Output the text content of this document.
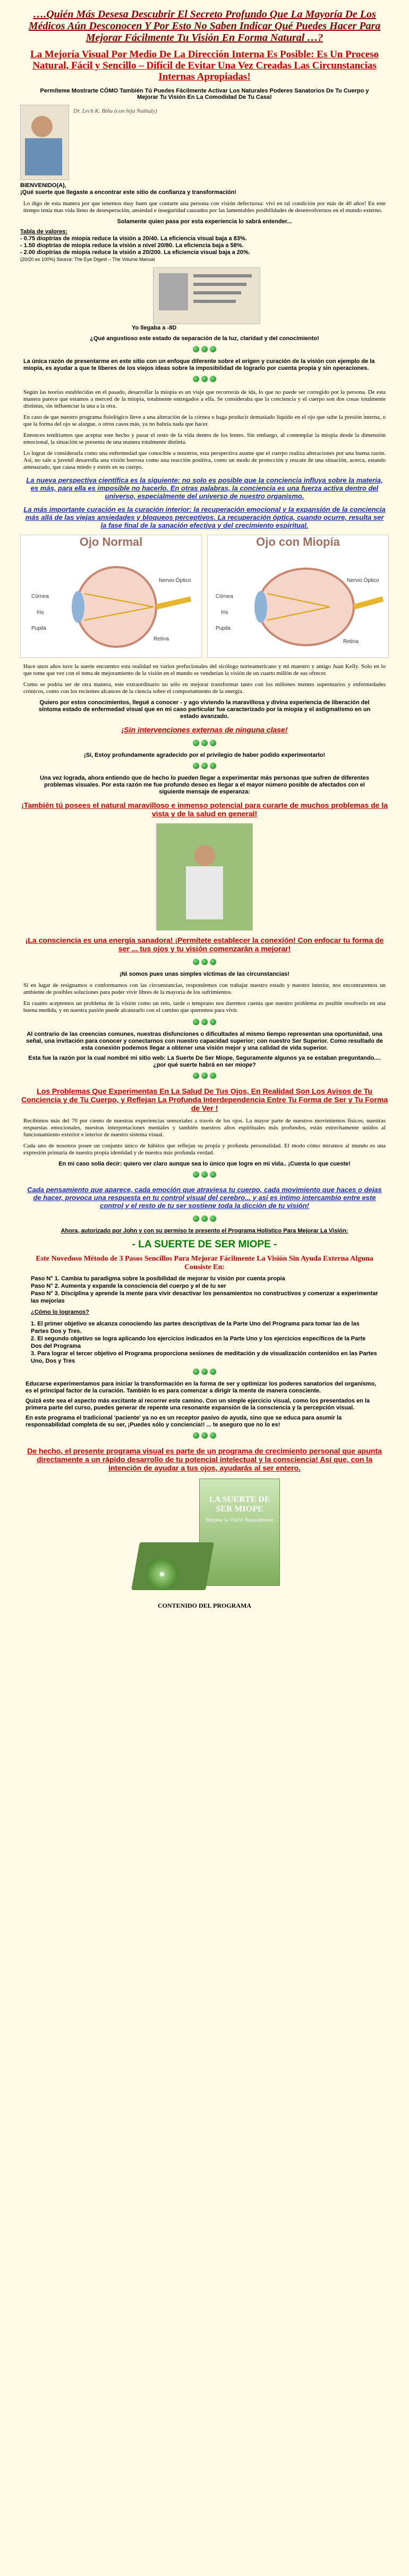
….Quién Más Desesa Descubrir El Secreto Profundo Que La Mayoría De Los Médicos Aún Desconocen Y Por Esto No Saben Indicar Qué Puedes Hacer Para Mejorar Fácilmente Tu Visión En Forma Natural …?
La Mejoría Visual Por Medio De La Dirección Interna Es Posible: Es Un Proceso Natural, Fácil y Sencillo – Difícil de Evitar Una Vez Creadas Las Circunstancias Internas Apropiadas!
Permíteme Mostrarte CÓMO También Tú Puedes Fácilmente Activar Los Naturales Poderes Sanatorios De Tu Cuerpo y Mejorar Tu Visión En La Comodidad De Tu Casa!
Dr. Lech K. Biña (con hija Nathaly)
BIENVENIDO(A),
¡Qué suerte que llegaste a encontrar este sitio de confianza y transformación!
Lo digo de esta manera por que tenemos muy buen que contarte una persona con visión defectuosa: vivi en tal condición por más de 40 años! En este tiempo tenía mas vida lleno de desesperación, ansiedad e inseguridad causados por las lamentables posibilidades de desenvolvernos en el mundo externo.
Solamente quien pasa por esta experiencia lo sabrá entender...
Tabla de valores:
- 0.75 dioptrías de miopía reduce la visión a 20/40. La eficiencia visual baja a 83%.
- 1.50 dioptrías de miopía reduce la visión a nivel 20/80. La eficiencia baja a 58%.
- 2.00 dioptrías de miopía reduce la visión a 20/200. La eficiencia visual baja a 20%.
(20/20 es 100%) Source: The Eye Digest – The Volume Manual
Yo llegaba a -8D
¿Qué angustioso este estado de separación de la luz, claridad y del conocimiento!
La única razón de presentarme en este sitio con un enfoque diferente sobre el origen y curación de la visión con ejemplo de la miopía, es ayudar a que te liberes de los viejos ideas sobre la imposibilidad de lograrlo por cuenta propia y sin operaciones.
Según las teorías establecidas en el pasado, desarrollar la miopía es un viaje que recorrerás de ida, lo que no puede ser corregido por la persona. De esta manera parece que estamos a merced de la miopía, totalmente entregados a ella. Se consideraba que la conciencia y el cuerpo son dos cosas totalmente distintas, sin influenciar la una a la otra.
En caso de que nuestro programa fisiológico lleve a una alteración de la córnea o haga producir demasiado líquido en el ojo que sube la presión interna, o que la forma del ojo se alargue, o otros casos más, ya no habría nada que hacer.
Entonces tendríamos que aceptar este hecho y pasar el resto de la vida dentro de los lentes. Sin embargo, al contemplar la miopía desde la dimensión emocional, la situación se presenta de una manera totalmente distinta.
Lo lograr de considerarla como una enfermedad que conocible a nosotros, esta perspectiva asume que el cuerpo realiza alteraciones por una buena razón. Así, no sale a juvenil desarrolla una visión borrosa como una reacción positiva, como un modo de protección y rescate de una situación, acerca, estando amenazado, que causa miedo y estrés en su cuerpo.
La nueva perspectiva científica es la siguiente: no solo es posible que la conciencia influya sobre la materia, es más, para ella es imposible no hacerlo. En otras palabras, la conciencia es una fuerza activa dentro del universo, especialmente del universo de nuestro organismo.
La más importante curación es la curación interior: la recuperación emocional y la expansión de la conciencia más allá de las viejas ansiedades y bloqueos perceptivos. La recuperación óptica, cuando ocurre, resulta ser la fase final de la sanación efectiva y del crecimiento espiritual.
Ojo Normal
Córnea
Iris
Pupila
Nervio Óptico
Retina
Ojo con Miopía
Córnea
Iris
Pupila
Nervio Óptico
Retina
Hace unos años tuve la suerte encuentro esta realidad en varios prefucionales del sicólogo norteamericano y mi maestro y amigo Juan Kelly. Solo en lo que tome que vez con el tema de mejoramiento de la visión en el mundo se venderían la visión de un cuarto millón de sus ofrecer.
Como se podría ser de otra manera, este extraordinario no sólo en mejorar transformar tanto con los miliones mentes supermarios y enfermedades crónicos, como con los recientes alcances de la ciencia sobre el comportamiento de la energía.
Quiero por estos conocimientos, llegué a conocer - y ago viviendo la maravillosa y divina experiencia de liberación del síntoma estado de enfermedad visual que en mi caso particular fue caracterizado por la miopía y el astigmatismo en un estado avanzado.
¡Sin intervenciones externas de ninguna clase!
¡Si, Estoy profundamente agradecido por el privilegio de haber podido experimentarlo!
Una vez lograda, ahora entiendo que de hecho lo pueden llegar a experimentar más personas que sufren de diferentes problemas visuales. Por esta razón me fue profundo deseo es llegar a el mayor número posible de afectados con el siguiente mensaje de esperanza:
¡También tú posees el natural maravilloso e inmenso potencial para curarte de muchos problemas de la vista y de la salud en general!
¡La consciencia es una energía sanadora! ¡Permítete establecer la conexión! Con enfocar tu forma de ser ... tus ojos y tu visión comenzarán a mejorar!
¡Ni somos pues unas simples víctimas de las circunstancias!
Si en lugar de resignamos o conformarnos con las circunstancias, respondemos con trabajar nuestro estado y nuestro interior, nos encontraremos un ambiente de posibles soluciones para poder vivir libres de la mayoría de los sufrimientos.
En cuanto aceptemos un problema de la visión como un reto, tarde o temprano nos daremos cuenta que nuestro problema es posible resolverlo en una buena medida, y en nuestra pasión puede alcanzarlo con el camino que queremos para vivir.
Al contrario de las creencias comunes, nuestras disfunciones o dificultades al mismo tiempo representan una oportunidad, una señal, una invitación para conocer y conectarnos con nuestro capacidad superior; con nuestro Ser Superior. Como resultado de esta conexión podemos llegar a obtener una visión mejor y una calidad de vida superior.
Esta fue la razón por la cual nombré mi sitio web: La Suerte De Ser Miope, Seguramente algunos ya se estaban preguntando.... ¿por qué suerte habrá en ser miope?
Los Problemas Que Experimentas En La Salud De Tus Ojos, En Realidad Son Los Avisos de Tu Conciencia y de Tu Cuerpo, y Reflejan La Profunda Interdependencia Entre Tu Forma de Ser y Tu Forma de Ver !
Recibimos más del 70 por ciento de nuestras experiencias sensoriales a través de los ojos. La mayor parte de nuestros movimientos físicos, nuestras respuestas emocionales, nuestras interpretaciones mentales y también nuestros altos espirituales más profundos, están estrechamente unidos al funcionamiento exterior e interior de nuestro sistema visual.
Cada uno de nosotros posee un conjunto único de hábitos que reflejan su propia y profunda personalidad. El modo cómo miramos al mundo es una expresión primaria de nuestra propia identidad y de nuestra más profunda verdad.
En mi caso solía decir: quiero ver claro aunque sea lo único que logre en mi vida.. ¡Cuesta lo que cueste!
Cada pensamiento que aparece, cada emoción que atraviesa tu cuerpo, cada movimiento que haces o dejas de hacer, provoca una respuesta en tu control visual del cerebro... y así es intimo intercambio entre este control y el resto de tu ser sostiene toda la dicción de tu visión!
Ahora, autorizado por John y con su permiso te presento el Programa Holístico Para Mejorar La Visión:
- LA SUERTE DE SER MIOPE -
Este Novedoso Método de 3 Pasos Sencillos Para Mejorar Fácilmente La Visión Sin Ayuda Externa Alguna Consiste En:
Paso N° 1. Cambia tu paradigma sobre la posibilidad de mejorar tu visión por cuenta propia
Paso N° 2. Aumenta y expande la consciencia del cuerpo y el de tu ser
Paso N° 3. Disciplina y aprende la mente para vivir desactivar los pensamientos no constructivos y comenzar a experimentar las mejorías
¿Cómo lo logramos?
1. El primer objetivo se alcanza conociendo las partes descriptivas de la Parte Uno del Programa para tomar las de las Partes Dos y Tres.
2. El segundo objetivo se logra aplicando los ejercicios indicados en la Parte Uno y los ejercicios específicos de la Parte Dos del Programa
3. Para lograr el tercer objetivo el Programa proporciona sesiones de meditación y de visualización contenidos en las Partes Uno, Dos y Tres
Educarse experimentamos para iniciar la transformación en la forma de ser y optimizar los poderes sanatorios del organismo, es el principal factor de la curación. También lo es para comenzar a dirigir la mente de manera consciente.
Quizá este sea el aspecto más excitante al recorrer este camino. Con un simple ejercicio visual, como los presentados en la primera parte del curso, puedes generar de repente una resonante expansión de la consciencia y la percepción visual.
En este programa el tradicional 'paciente' ya no es un receptor pasivo de ayuda, sino que se educa para asumir la responsabilidad completa de su ser, ¡Puedes sólo y conciencia!! ... te aseguro que no lo es!
De hecho, el presente programa visual es parte de un programa de crecimiento personal que apunta directamente a un rápido desarrollo de tu potencial intelectual y la consciencia! Así que, con la intención de ayudar a tus ojos, ayudarás al ser entero.
LA SUERTE DE SER MIOPE
Mejorar la Visión Naturalmente
CONTENIDO DEL PROGRAMA
